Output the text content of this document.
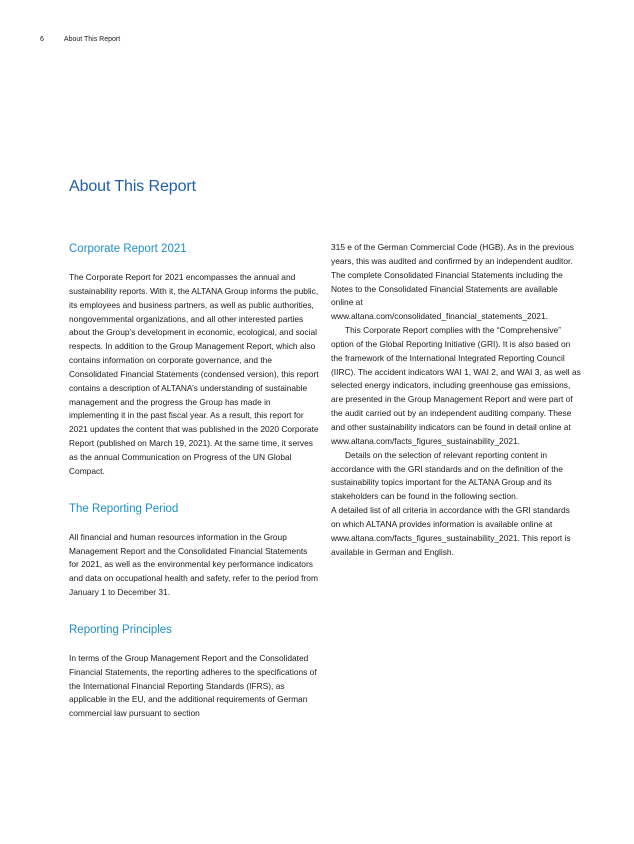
6	About This Report
About This Report
Corporate Report 2021

The Corporate Report for 2021 encompasses the annual and sustainability reports. With it, the ALTANA Group informs the public, its employees and business partners, as well as public authorities, nongovernmental organizations, and all other interested parties about the Group’s development in economic, ecological, and social respects. In addition to the Group Management Report, which also contains information on corporate governance, and the Consolidated Financial Statements (condensed version), this report contains a description of ALTANA’s understanding of sustainable management and the progress the Group has made in implementing it in the past fiscal year. As a result, this report for 2021 updates the content that was published in the 2020 Corporate Report (published on March 19, 2021). At the same time, it serves as the annual Communication on Progress of the UN Global Compact.

The Reporting Period

All financial and human resources information in the Group Management Report and the Consolidated Financial Statements for 2021, as well as the environmental key performance indicators and data on occupational health and safety, refer to the period from January 1 to December 31.

Reporting Principles

In terms of the Group Management Report and the Consolidated Financial Statements, the reporting adheres to the specifications of the International Financial Reporting Standards (IFRS), as applicable in the EU, and the additional requirements of German commercial law pursuant to section

315 e of the German Commercial Code (HGB). As in the previous years, this was audited and confirmed by an independent auditor. The complete Consolidated Financial Statements including the Notes to the Consolidated Financial Statements are available online at www.altana.com/consolidated_financial_statements_2021.

This Corporate Report complies with the “Comprehensive” option of the Global Reporting Initiative (GRI). It is also based on the framework of the International Integrated Reporting Council (IIRC). The accident indicators WAI 1, WAI 2, and WAI 3, as well as selected energy indicators, including greenhouse gas emissions, are presented in the Group Management Report and were part of the audit carried out by an independent auditing company. These and other sustainability indicators can be found in detail online at www.altana.com/facts_figures_sustainability_2021.

Details on the selection of relevant reporting content in accordance with the GRI standards and on the definition of the sustainability topics important for the ALTANA Group and its stakeholders can be found in the following section.

A detailed list of all criteria in accordance with the GRI standards on which ALTANA provides information is available online at www.altana.com/facts_figures_sustainability_2021. This report is available in German and English.
